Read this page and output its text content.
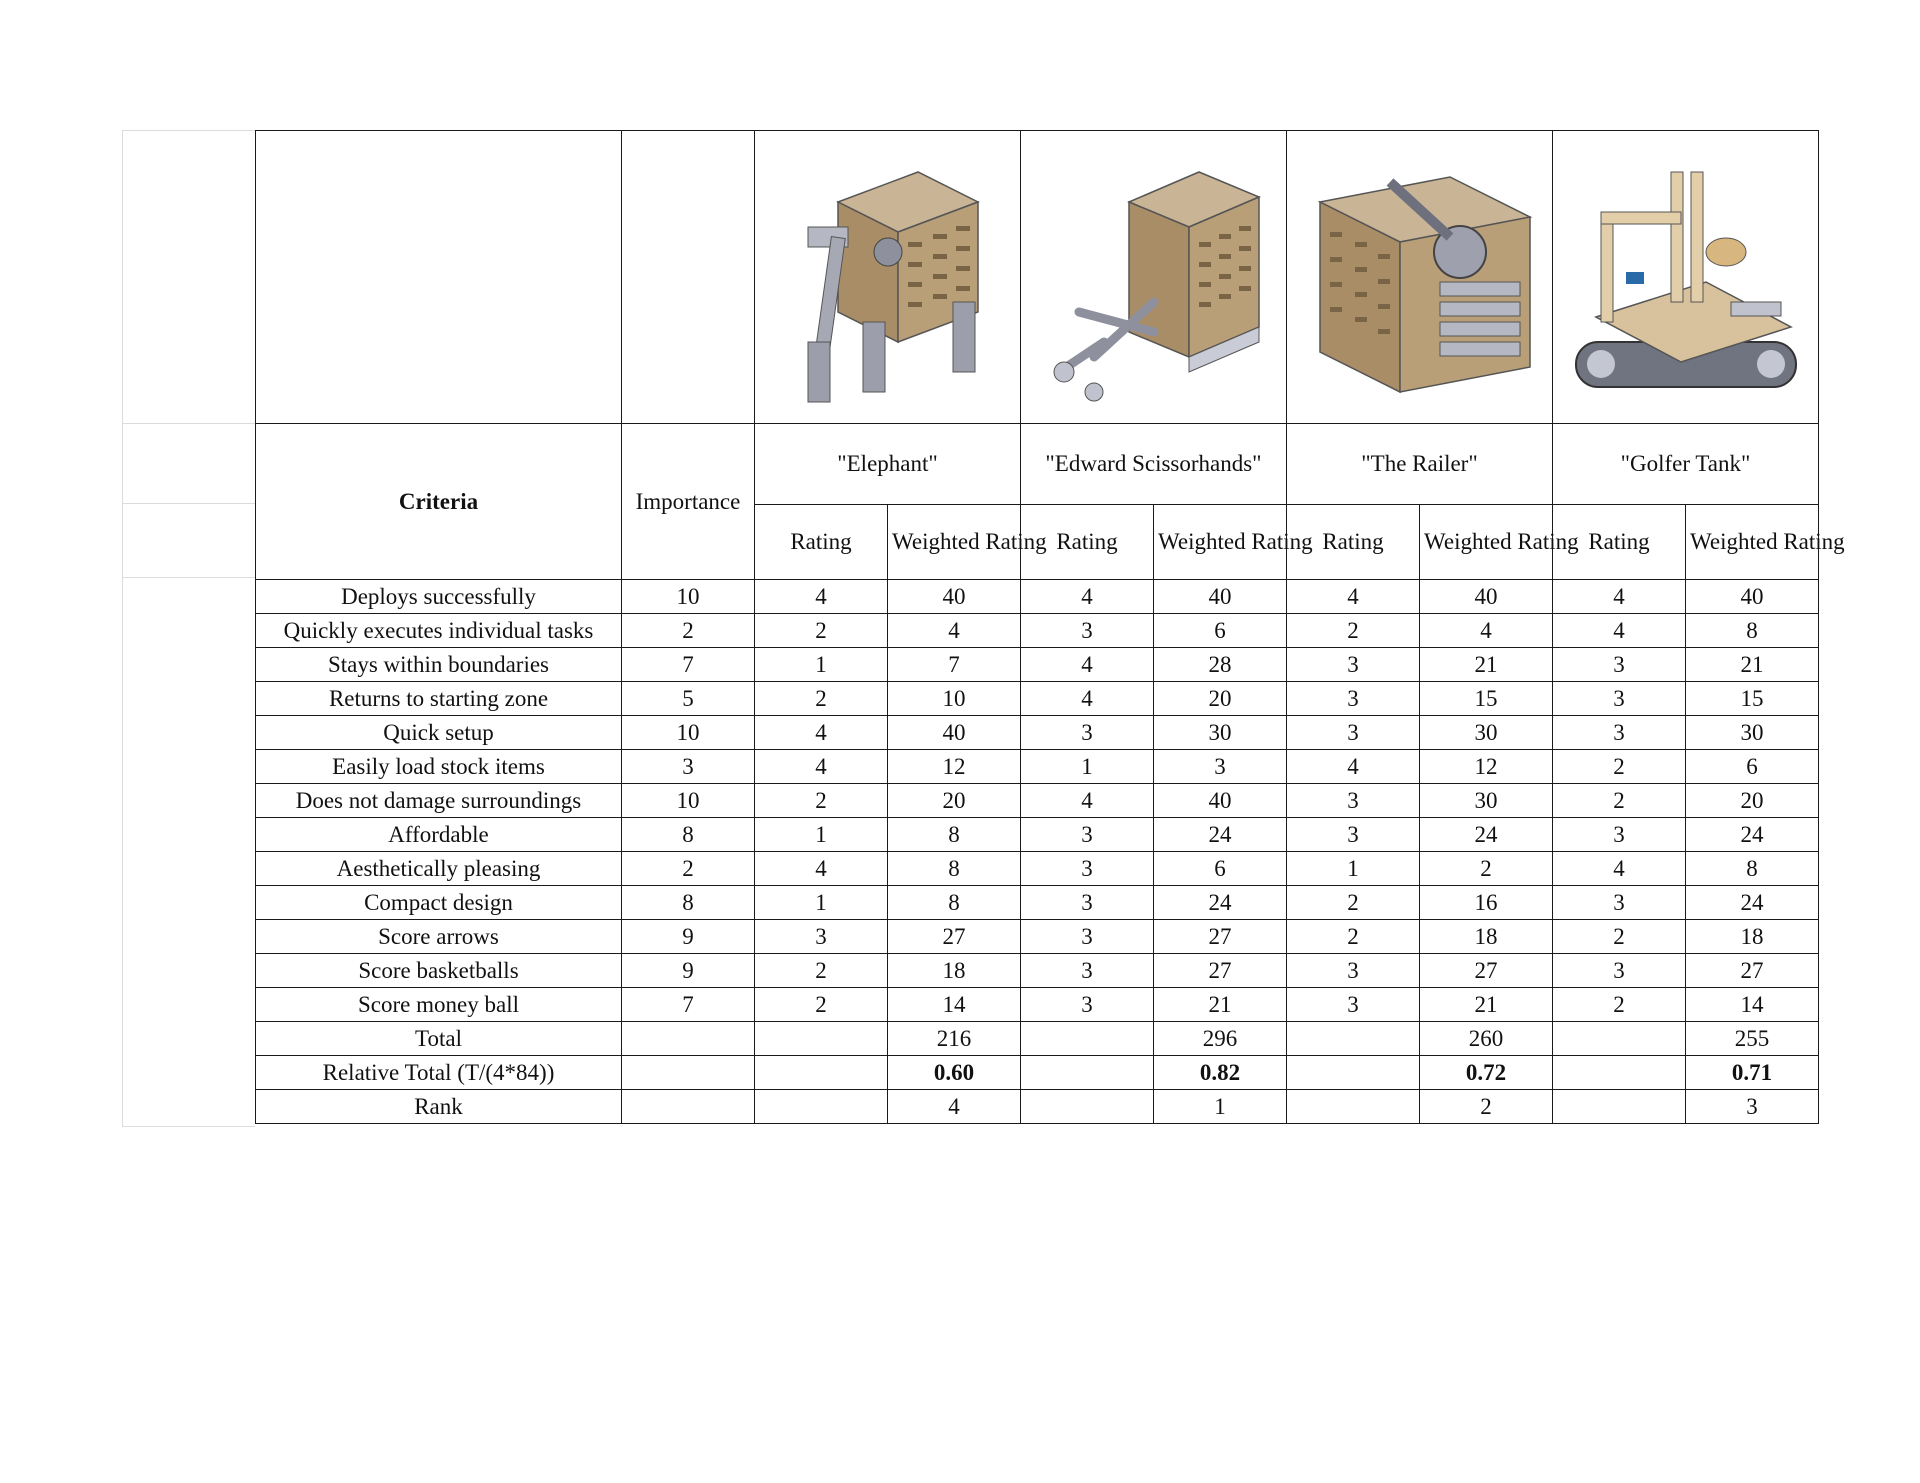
Criteria	Importance	"Elephant"		"Edward Scissorhands"		"The Railer"		"Golfer Tank"	
		Rating	Weighted Rating	Rating	Weighted Rating	Rating	Weighted Rating	Rating	Weighted Rating
Deploys successfully	10	4	40	4	40	4	40	4	40
Quickly executes individual tasks	2	2	4	3	6	2	4	4	8
Stays within boundaries	7	1	7	4	28	3	21	3	21
Returns to starting zone	5	2	10	4	20	3	15	3	15
Quick setup	10	4	40	3	30	3	30	3	30
Easily load stock items	3	4	12	1	3	4	12	2	6
Does not damage surroundings	10	2	20	4	40	3	30	2	20
Affordable	8	1	8	3	24	3	24	3	24
Aesthetically pleasing	2	4	8	3	6	1	2	4	8
Compact design	8	1	8	3	24	2	16	3	24
Score arrows	9	3	27	3	27	2	18	2	18
Score basketballs	9	2	18	3	27	3	27	3	27
Score money ball	7	2	14	3	21	3	21	2	14
Total			216		296		260		255
Relative Total (T/(4*84))			0.60		0.82		0.72		0.71
Rank			4		1		2		3
